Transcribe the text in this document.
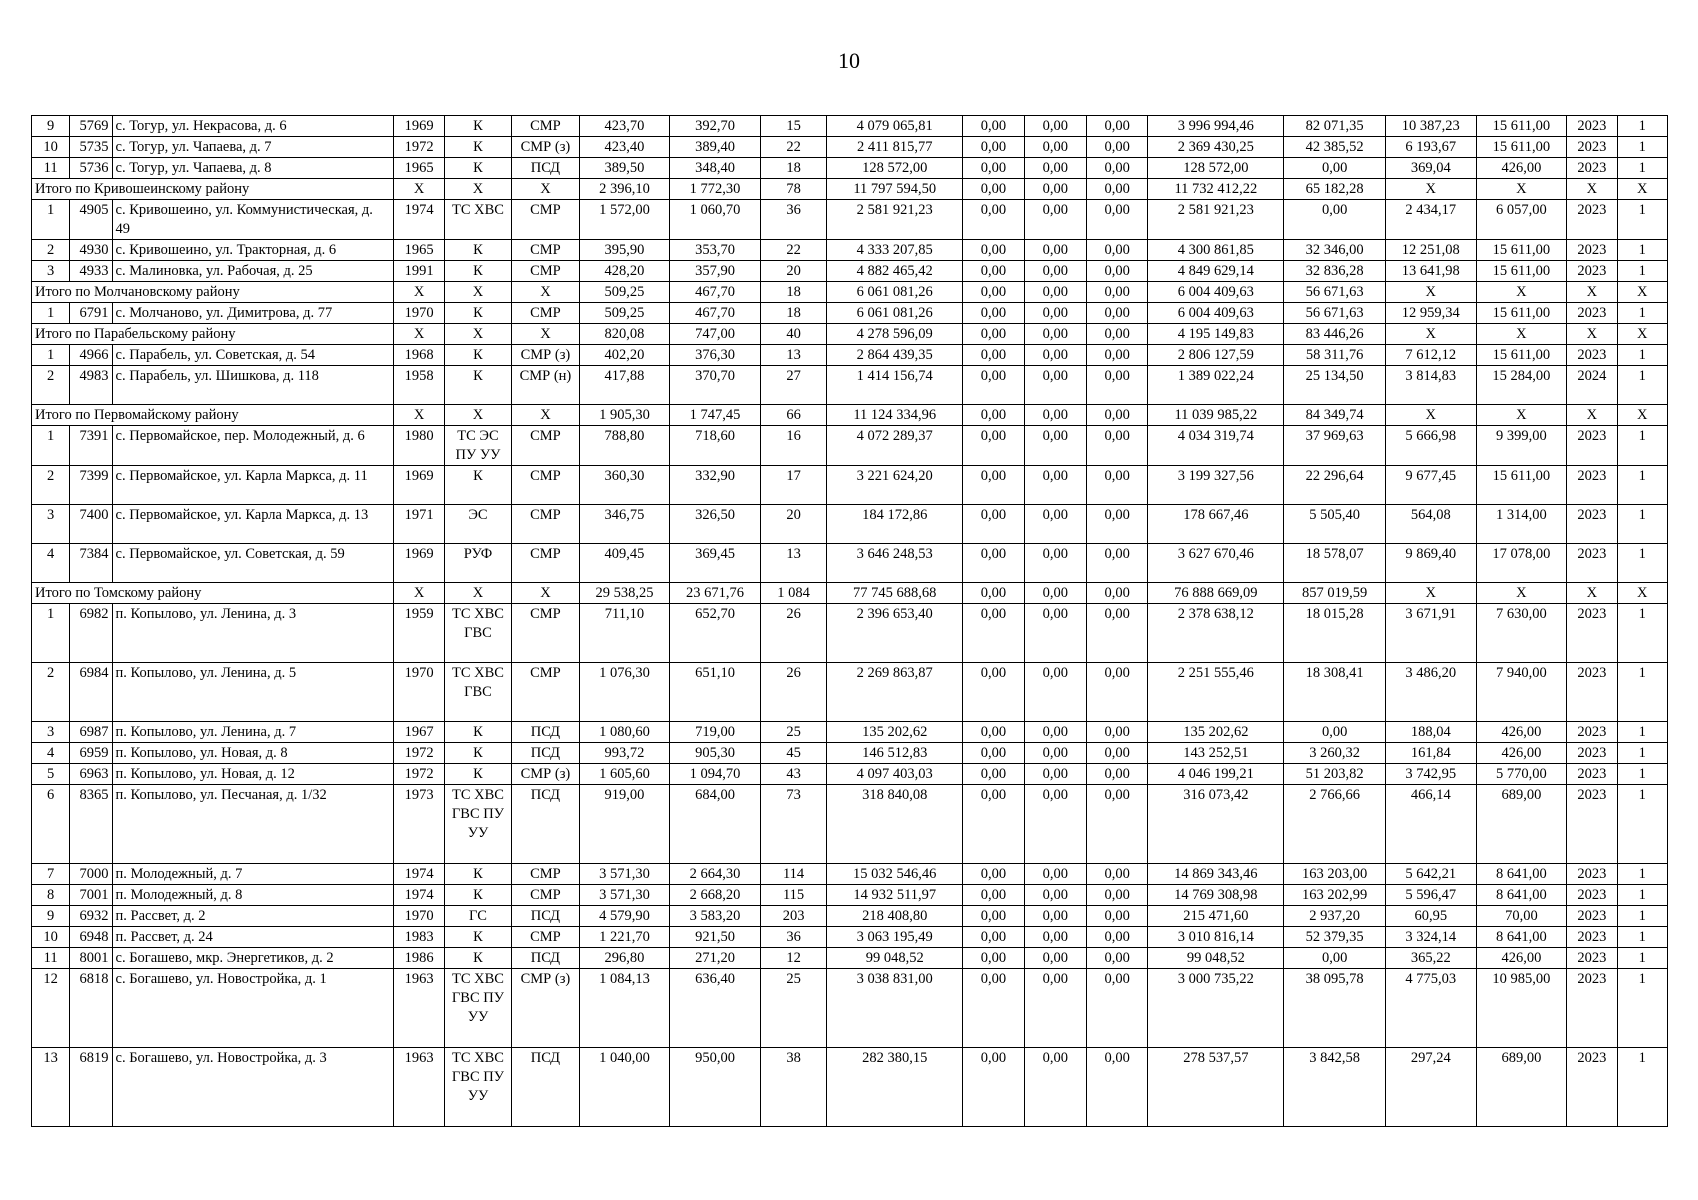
10
9	5769	с. Тогур, ул. Некрасова, д. 6	1969	К	СМР	423,70	392,70	15	4 079 065,81	0,00	0,00	0,00	3 996 994,46	82 071,35	10 387,23	15 611,00	2023	1
10	5735	с. Тогур, ул. Чапаева, д. 7	1972	К	СМР (з)	423,40	389,40	22	2 411 815,77	0,00	0,00	0,00	2 369 430,25	42 385,52	6 193,67	15 611,00	2023	1
11	5736	с. Тогур, ул. Чапаева, д. 8	1965	К	ПСД	389,50	348,40	18	128 572,00	0,00	0,00	0,00	128 572,00	0,00	369,04	426,00	2023	1
Итого по Кривошеинскому району			Х	Х	Х	2 396,10	1 772,30	78	11 797 594,50	0,00	0,00	0,00	11 732 412,22	65 182,28	Х	Х	Х	Х
1	4905	с. Кривошеино, ул. Коммунистическая, д. 49	1974	ТС ХВС	СМР	1 572,00	1 060,70	36	2 581 921,23	0,00	0,00	0,00	2 581 921,23	0,00	2 434,17	6 057,00	2023	1
2	4930	с. Кривошеино, ул. Тракторная, д. 6	1965	К	СМР	395,90	353,70	22	4 333 207,85	0,00	0,00	0,00	4 300 861,85	32 346,00	12 251,08	15 611,00	2023	1
3	4933	с. Малиновка, ул. Рабочая, д. 25	1991	К	СМР	428,20	357,90	20	4 882 465,42	0,00	0,00	0,00	4 849 629,14	32 836,28	13 641,98	15 611,00	2023	1
Итого по Молчановскому району			Х	Х	Х	509,25	467,70	18	6 061 081,26	0,00	0,00	0,00	6 004 409,63	56 671,63	Х	Х	Х	Х
1	6791	с. Молчаново, ул. Димитрова, д. 77	1970	К	СМР	509,25	467,70	18	6 061 081,26	0,00	0,00	0,00	6 004 409,63	56 671,63	12 959,34	15 611,00	2023	1
Итого по Парабельскому району			Х	Х	Х	820,08	747,00	40	4 278 596,09	0,00	0,00	0,00	4 195 149,83	83 446,26	Х	Х	Х	Х
1	4966	с. Парабель, ул. Советская, д. 54	1968	К	СМР (з)	402,20	376,30	13	2 864 439,35	0,00	0,00	0,00	2 806 127,59	58 311,76	7 612,12	15 611,00	2023	1
2	4983	с. Парабель, ул. Шишкова, д. 118	1958	К	СМР (н)	417,88	370,70	27	1 414 156,74	0,00	0,00	0,00	1 389 022,24	25 134,50	3 814,83	15 284,00	2024	1
Итого по Первомайскому району			Х	Х	Х	1 905,30	1 747,45	66	11 124 334,96	0,00	0,00	0,00	11 039 985,22	84 349,74	Х	Х	Х	Х
1	7391	с. Первомайское, пер. Молодежный, д. 6	1980	ТС ЭС ПУ УУ	СМР	788,80	718,60	16	4 072 289,37	0,00	0,00	0,00	4 034 319,74	37 969,63	5 666,98	9 399,00	2023	1
2	7399	с. Первомайское, ул. Карла Маркса, д. 11	1969	К	СМР	360,30	332,90	17	3 221 624,20	0,00	0,00	0,00	3 199 327,56	22 296,64	9 677,45	15 611,00	2023	1
3	7400	с. Первомайское, ул. Карла Маркса, д. 13	1971	ЭС	СМР	346,75	326,50	20	184 172,86	0,00	0,00	0,00	178 667,46	5 505,40	564,08	1 314,00	2023	1
4	7384	с. Первомайское, ул. Советская, д. 59	1969	РУФ	СМР	409,45	369,45	13	3 646 248,53	0,00	0,00	0,00	3 627 670,46	18 578,07	9 869,40	17 078,00	2023	1
Итого по Томскому району			Х	Х	Х	29 538,25	23 671,76	1 084	77 745 688,68	0,00	0,00	0,00	76 888 669,09	857 019,59	Х	Х	Х	Х
1	6982	п. Копылово, ул. Ленина, д. 3	1959	ТС ХВС ГВС	СМР	711,10	652,70	26	2 396 653,40	0,00	0,00	0,00	2 378 638,12	18 015,28	3 671,91	7 630,00	2023	1
2	6984	п. Копылово, ул. Ленина, д. 5	1970	ТС ХВС ГВС	СМР	1 076,30	651,10	26	2 269 863,87	0,00	0,00	0,00	2 251 555,46	18 308,41	3 486,20	7 940,00	2023	1
3	6987	п. Копылово, ул. Ленина, д. 7	1967	К	ПСД	1 080,60	719,00	25	135 202,62	0,00	0,00	0,00	135 202,62	0,00	188,04	426,00	2023	1
4	6959	п. Копылово, ул. Новая, д. 8	1972	К	ПСД	993,72	905,30	45	146 512,83	0,00	0,00	0,00	143 252,51	3 260,32	161,84	426,00	2023	1
5	6963	п. Копылово, ул. Новая, д. 12	1972	К	СМР (з)	1 605,60	1 094,70	43	4 097 403,03	0,00	0,00	0,00	4 046 199,21	51 203,82	3 742,95	5 770,00	2023	1
6	8365	п. Копылово, ул. Песчаная, д. 1/32	1973	ТС ХВС ГВС ПУ УУ	ПСД	919,00	684,00	73	318 840,08	0,00	0,00	0,00	316 073,42	2 766,66	466,14	689,00	2023	1
7	7000	п. Молодежный, д. 7	1974	К	СМР	3 571,30	2 664,30	114	15 032 546,46	0,00	0,00	0,00	14 869 343,46	163 203,00	5 642,21	8 641,00	2023	1
8	7001	п. Молодежный, д. 8	1974	К	СМР	3 571,30	2 668,20	115	14 932 511,97	0,00	0,00	0,00	14 769 308,98	163 202,99	5 596,47	8 641,00	2023	1
9	6932	п. Рассвет, д. 2	1970	ГС	ПСД	4 579,90	3 583,20	203	218 408,80	0,00	0,00	0,00	215 471,60	2 937,20	60,95	70,00	2023	1
10	6948	п. Рассвет, д. 24	1983	К	СМР	1 221,70	921,50	36	3 063 195,49	0,00	0,00	0,00	3 010 816,14	52 379,35	3 324,14	8 641,00	2023	1
11	8001	с. Богашево, мкр. Энергетиков, д. 2	1986	К	ПСД	296,80	271,20	12	99 048,52	0,00	0,00	0,00	99 048,52	0,00	365,22	426,00	2023	1
12	6818	с. Богашево, ул. Новостройка, д. 1	1963	ТС ХВС ГВС ПУ УУ	СМР (з)	1 084,13	636,40	25	3 038 831,00	0,00	0,00	0,00	3 000 735,22	38 095,78	4 775,03	10 985,00	2023	1
13	6819	с. Богашево, ул. Новостройка, д. 3	1963	ТС ХВС ГВС ПУ УУ	ПСД	1 040,00	950,00	38	282 380,15	0,00	0,00	0,00	278 537,57	3 842,58	297,24	689,00	2023	1
